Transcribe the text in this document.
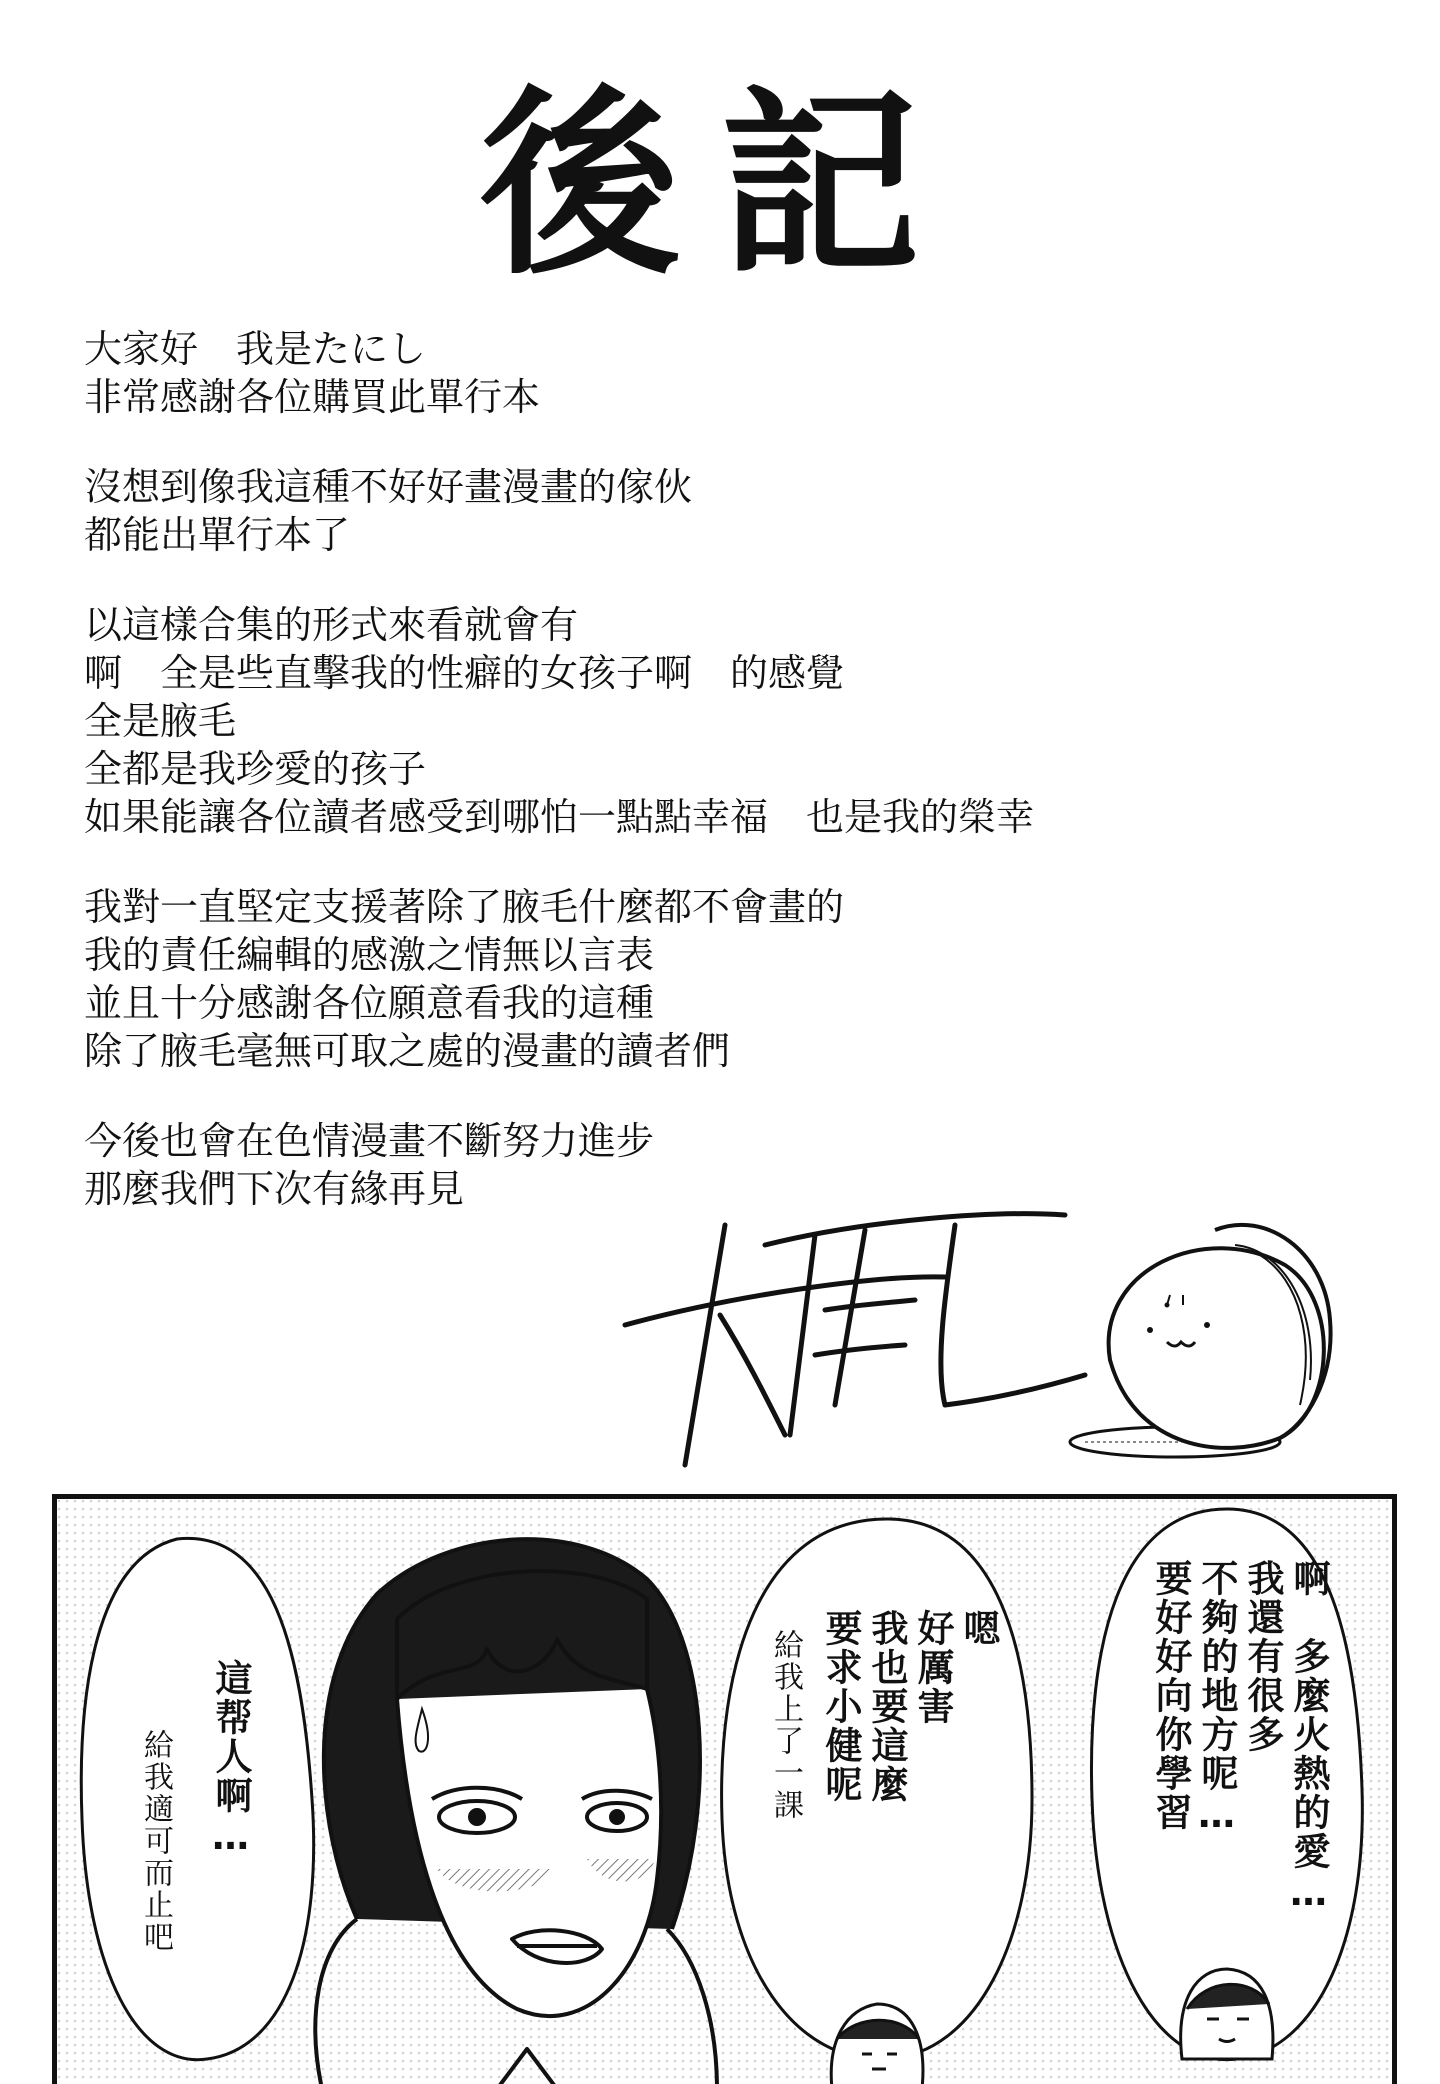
後記
大家好　我是たにし
非常感謝各位購買此單行本
沒想到像我這種不好好畫漫畫的傢伙
都能出單行本了
以這樣合集的形式來看就會有
啊　全是些直擊我的性癖的女孩子啊　的感覺
全是腋毛
全都是我珍愛的孩子
如果能讓各位讀者感受到哪怕一點點幸福　也是我的榮幸
我對一直堅定支援著除了腋毛什麼都不會畫的
我的責任編輯的感激之情無以言表
並且十分感謝各位願意看我的這種
除了腋毛毫無可取之處的漫畫的讀者們
今後也會在色情漫畫不斷努力進步
那麼我們下次有緣再見
這帮人啊…
給我適可而止吧
嗯
好厲害
我也要這麼
要求小健呢
給我上了一課
啊　多麼火熱的愛…
我還有很多
不夠的地方呢…
要好好向你學習
